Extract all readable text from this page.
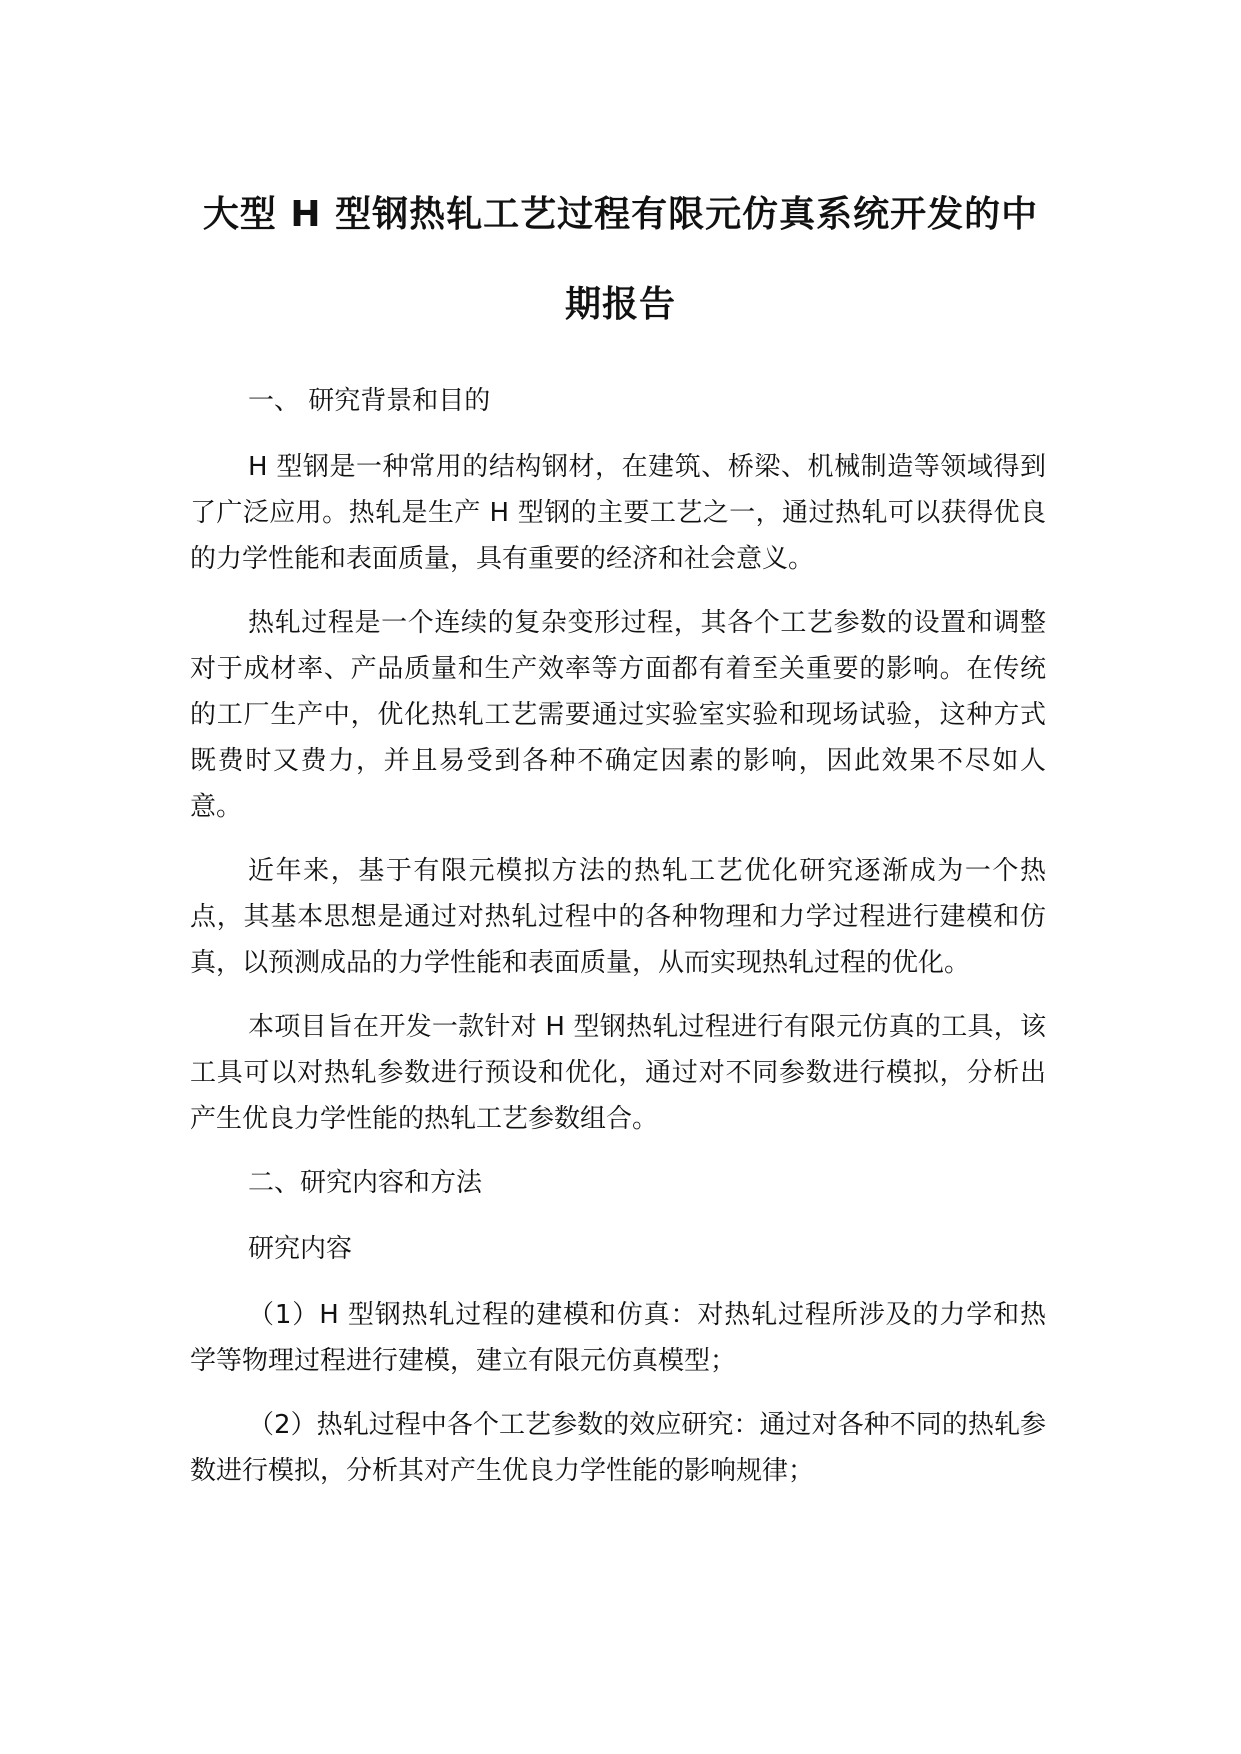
大型 H 型钢热轧工艺过程有限元仿真系统开发的中期报告

一、 研究背景和目的

H 型钢是一种常用的结构钢材，在建筑、桥梁、机械制造等领域得到了广泛应用。热轧是生产 H 型钢的主要工艺之一，通过热轧可以获得优良的力学性能和表面质量，具有重要的经济和社会意义。

热轧过程是一个连续的复杂变形过程，其各个工艺参数的设置和调整对于成材率、产品质量和生产效率等方面都有着至关重要的影响。在传统的工厂生产中，优化热轧工艺需要通过实验室实验和现场试验，这种方式既费时又费力，并且易受到各种不确定因素的影响，因此效果不尽如人意。

近年来，基于有限元模拟方法的热轧工艺优化研究逐渐成为一个热点，其基本思想是通过对热轧过程中的各种物理和力学过程进行建模和仿真，以预测成品的力学性能和表面质量，从而实现热轧过程的优化。

本项目旨在开发一款针对 H 型钢热轧过程进行有限元仿真的工具，该工具可以对热轧参数进行预设和优化，通过对不同参数进行模拟，分析出产生优良力学性能的热轧工艺参数组合。

二、研究内容和方法

研究内容

（1）H 型钢热轧过程的建模和仿真：对热轧过程所涉及的力学和热学等物理过程进行建模，建立有限元仿真模型；

（2）热轧过程中各个工艺参数的效应研究：通过对各种不同的热轧参数进行模拟，分析其对产生优良力学性能的影响规律；
